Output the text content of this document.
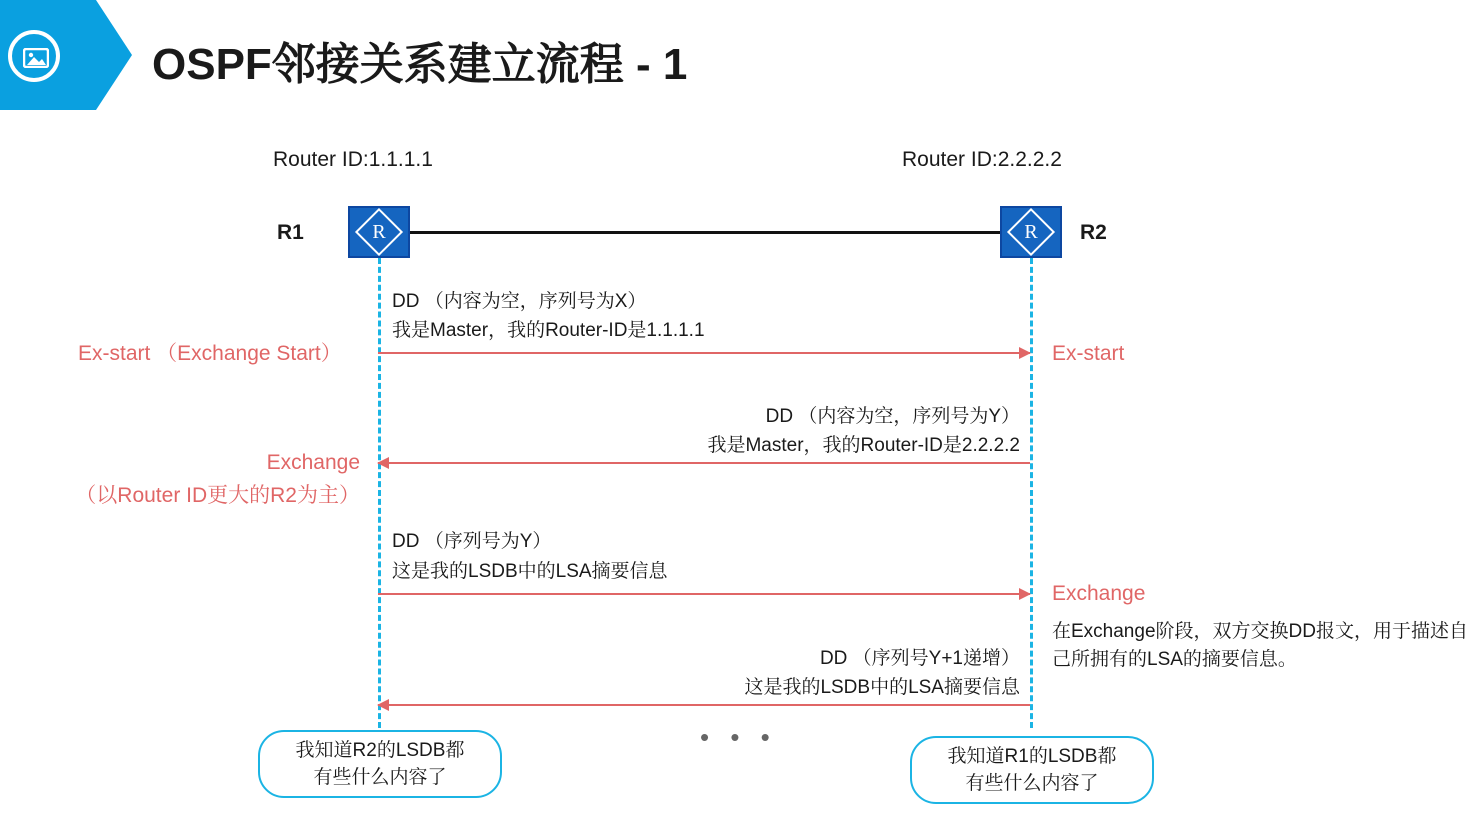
OSPF邻接关系建立流程 - 1
Router ID:1.1.1.1	Router ID:2.2.2.2
R1	R	R	R2
DD （内容为空，序列号为X）
我是Master，我的Router-ID是1.1.1.1
Ex-start （Exchange Start）	Ex-start
DD （内容为空，序列号为Y）
我是Master，我的Router-ID是2.2.2.2
Exchange
（以Router ID更大的R2为主）
DD （序列号为Y）
这是我的LSDB中的LSA摘要信息
Exchange
在Exchange阶段，双方交换DD报文，用于描述自己所拥有的LSA的摘要信息。
DD （序列号Y+1递增）
这是我的LSDB中的LSA摘要信息
• • •
我知道R2的LSDB都
有些什么内容了
我知道R1的LSDB都
有些什么内容了
